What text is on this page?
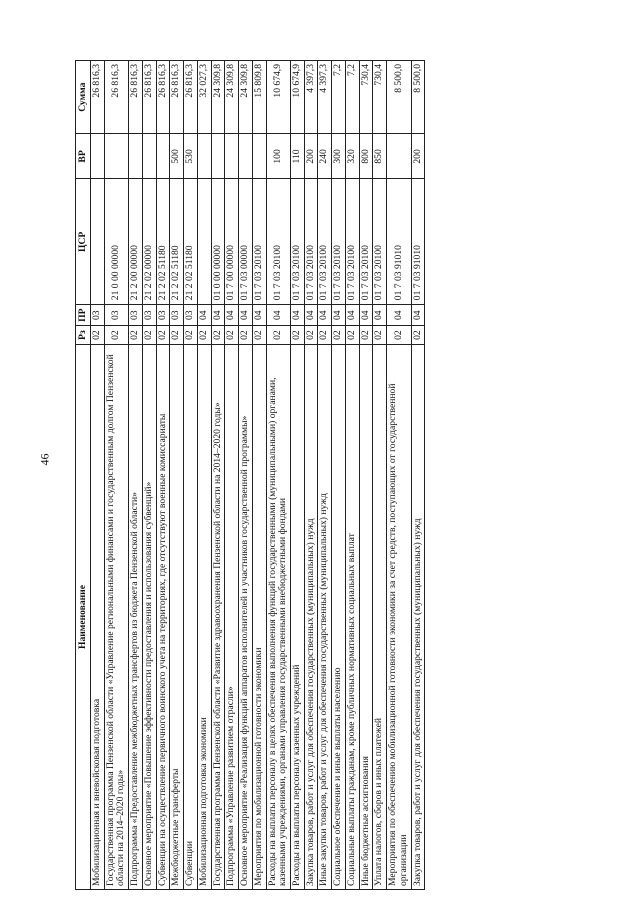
46
Наименование	Рз	ПР	ЦСР	ВР	Сумма
Мобилизационная и вневойсковая подготовка	02	03			26 816,3
Государственная программа Пензенской области «Управление региональными финансами и государственным долгом Пензенской области на 2014–2020 годы»	02	03	21 0 00 00000		26 816,3
Подпрограмма «Предоставление межбюджетных трансфертов из бюджета Пензенской области»	02	03	21 2 00 00000		26 816,3
Основное мероприятие «Повышение эффективности предоставления и использования субвенций»	02	03	21 2 02 00000		26 816,3
Субвенции на осуществление первичного воинского учета на территориях, где отсутствуют военные комиссариаты	02	03	21 2 02 51180		26 816,3
Межбюджетные трансферты	02	03	21 2 02 51180	500	26 816,3
Субвенции	02	03	21 2 02 51180	530	26 816,3
Мобилизационная подготовка экономики	02	04			32 027,3
Государственная программа Пензенской области «Развитие здравоохранения Пензенской области на 2014–2020 годы»	02	04	01 0 00 00000		24 309,8
Подпрограмма «Управление развитием отрасли»	02	04	01 7 00 00000		24 309,8
Основное мероприятие «Реализация функций аппаратов исполнителей и участников государственной программы»	02	04	01 7 03 00000		24 309,8
Мероприятия по мобилизационной готовности экономики	02	04	01 7 03 20100		15 809,8
Расходы на выплаты персоналу в целях обеспечения выполнения функций государственными (муниципальными) органами, казенными учреждениями, органами управления государственными внебюджетными фондами	02	04	01 7 03 20100	100	10 674,9
Расходы на выплаты персоналу казенных учреждений	02	04	01 7 03 20100	110	10 674,9
Закупка товаров, работ и услуг для обеспечения государственных (муниципальных) нужд	02	04	01 7 03 20100	200	4 397,3
Иные закупки товаров, работ и услуг для обеспечения государственных (муниципальных) нужд	02	04	01 7 03 20100	240	4 397,3
Социальное обеспечение и иные выплаты населению	02	04	01 7 03 20100	300	7,2
Социальные выплаты гражданам, кроме публичных нормативных социальных выплат	02	04	01 7 03 20100	320	7,2
Иные бюджетные ассигнования	02	04	01 7 03 20100	800	730,4
Уплата налогов, сборов и иных платежей	02	04	01 7 03 20100	850	730,4
Мероприятия по обеспечению мобилизационной готовности экономики за счет средств, поступающих от государственной организации	02	04	01 7 03 91010		8 500,0
Закупка товаров, работ и услуг для обеспечения государственных (муниципальных) нужд	02	04	01 7 03 91010	200	8 500,0
